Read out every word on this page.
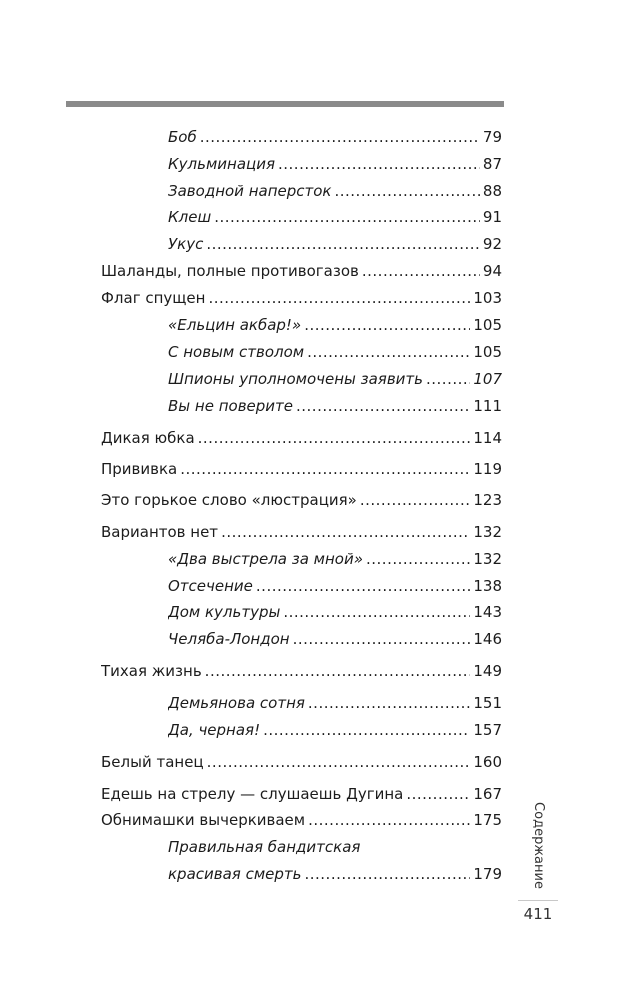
Боб .....	79
Кульминация .....	87
Заводной наперсток .....	88
Клеш .....	91
Укус .....	92
Шаланды, полные противогазов .....	94
Флаг спущен .....	103
«Ельцин акбар!» .....	105
С новым стволом .....	105
Шпионы уполномочены заявить .....	107
Вы не поверите .....	111
Дикая юбка .....	114
Прививка .....	119
Это горькое слово «люстрация» .....	123
Вариантов нет .....	132
«Два выстрела за мной» .....	132
Отсечение .....	138
Дом культуры .....	143
Челяба-Лондон .....	146
Тихая жизнь .....	149
Демьянова сотня .....	151
Да, черная! .....	157
Белый танец .....	160
Едешь на стрелу — слушаешь Дугина .....	167
Обнимашки вычеркиваем .....	175
Правильная бандитская
красивая смерть .....	179 Содержание
411
